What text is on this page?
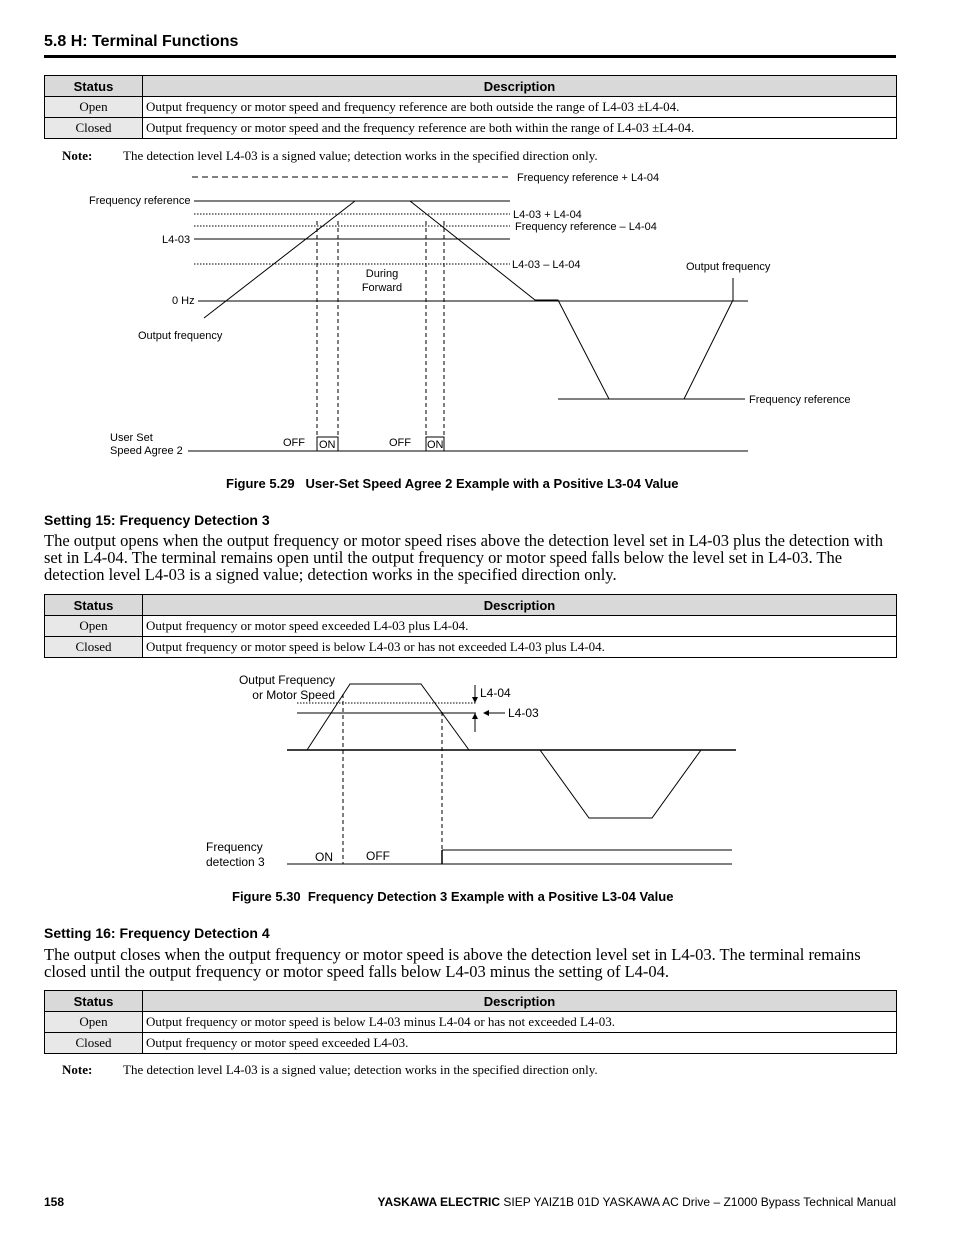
5.8 H: Terminal Functions
Status	Description
Open	Output frequency or motor speed and frequency reference are both outside the range of L4-03 ±L4-04.
Closed	Output frequency or motor speed and the frequency reference are both within the range of L4-03 ±L4-04.
Note: The detection level L4-03 is a signed value; detection works in the specified direction only.
Frequency reference + L4-04
Frequency reference
L4-03 + L4-04
Frequency reference – L4-04
L4-03
L4-03 – L4-04
During
Forward
Output frequency
0 Hz
Output frequency
Frequency reference
User Set
Speed Agree 2
OFF ON	OFF ON
Figure 5.29   User-Set Speed Agree 2 Example with a Positive L3-04 Value
Setting 15: Frequency Detection 3
The output opens when the output frequency or motor speed rises above the detection level set in L4-03 plus the detection with set in L4-04. The terminal remains open until the output frequency or motor speed falls below the level set in L4-03. The detection level L4-03 is a signed value; detection works in the specified direction only.
Status	Description
Open	Output frequency or motor speed exceeded L4-03 plus L4-04.
Closed	Output frequency or motor speed is below L4-03 or has not exceeded L4-03 plus L4-04.
Output Frequency
or Motor Speed	L4-04
L4-03
Frequency
detection 3	ON	OFF
Figure 5.30  Frequency Detection 3 Example with a Positive L3-04 Value
Setting 16: Frequency Detection 4
The output closes when the output frequency or motor speed is above the detection level set in L4-03. The terminal remains closed until the output frequency or motor speed falls below L4-03 minus the setting of L4-04.
Status	Description
Open	Output frequency or motor speed is below L4-03 minus L4-04 or has not exceeded L4-03.
Closed	Output frequency or motor speed exceeded L4-03.
Note: The detection level L4-03 is a signed value; detection works in the specified direction only.
158	YASKAWA ELECTRIC SIEP YAIZ1B 01D YASKAWA AC Drive – Z1000 Bypass Technical Manual
